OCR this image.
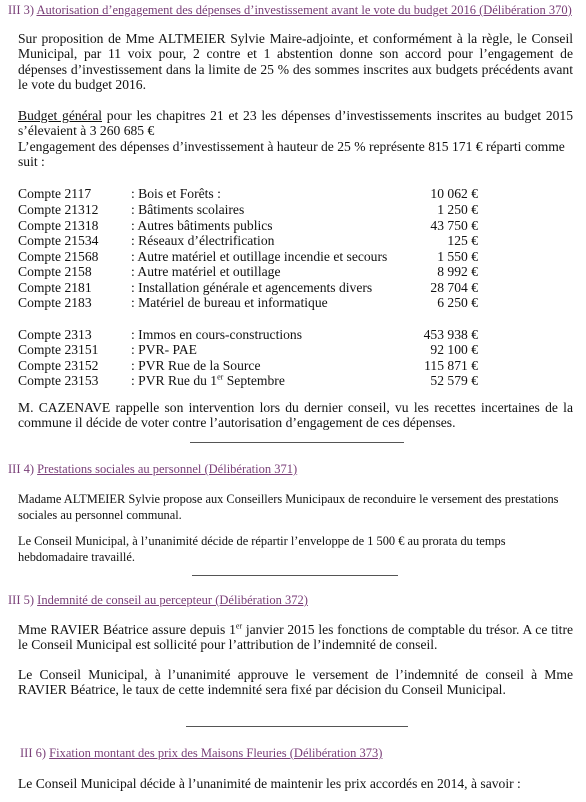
III 3) Autorisation d’engagement des dépenses d’investissement avant le vote du budget 2016 (Délibération 370)
Sur proposition de Mme ALTMEIER Sylvie Maire-adjointe, et conformément à la règle, le Conseil Municipal, par 11 voix pour, 2 contre et 1 abstention donne son accord pour l’engagement de dépenses d’investissement dans la limite de 25 % des sommes inscrites aux budgets précédents avant le vote du budget 2016.
Budget général pour les chapitres 21 et 23 les dépenses d’investissements inscrites au budget 2015 s’élevaient à 3 260 685 €
L’engagement des dépenses d’investissement à hauteur de 25 % représente 815 171 € réparti comme suit :
Compte 2117	: Bois et Forêts :	10 062 €
Compte 21312 : Bâtiments scolaires	1 250 €
Compte 21318 : Autres bâtiments publics	43 750 €
Compte 21534 : Réseaux d’électrification	125 €
Compte 21568 : Autre matériel et outillage incendie et secours	1 550 €
Compte 2158	: Autre matériel et outillage	8 992 €
Compte 2181	: Installation générale et agencements divers	28 704 €
Compte 2183	: Matériel de bureau et informatique	6 250 €
Compte 2313	: Immos en cours-constructions	453 938 €
Compte 23151 : PVR- PAE	92 100 €
Compte 23152 : PVR Rue de la Source	115 871 €
Compte 23153 : PVR Rue du 1er Septembre	52 579 €
M. CAZENAVE rappelle son intervention lors du dernier conseil, vu les recettes incertaines de la commune il décide de voter contre l’autorisation d’engagement de ces dépenses.
III 4) Prestations sociales au personnel (Délibération 371)
Madame ALTMEIER Sylvie propose aux Conseillers Municipaux de reconduire le versement des prestations sociales au personnel communal.
Le Conseil Municipal, à l’unanimité décide de répartir l’enveloppe de 1 500 € au prorata du temps hebdomadaire travaillé.
III 5) Indemnité de conseil au percepteur (Délibération 372)
Mme RAVIER Béatrice assure depuis 1er janvier 2015 les fonctions de comptable du trésor. A ce titre le Conseil Municipal est sollicité pour l’attribution de l’indemnité de conseil.
Le Conseil Municipal, à l’unanimité approuve le versement de l’indemnité de conseil à Mme RAVIER Béatrice, le taux de cette indemnité sera fixé par décision du Conseil Municipal.
III 6) Fixation montant des prix des Maisons Fleuries (Délibération 373)
Le Conseil Municipal décide à l’unanimité de maintenir les prix accordés en 2014, à savoir :
